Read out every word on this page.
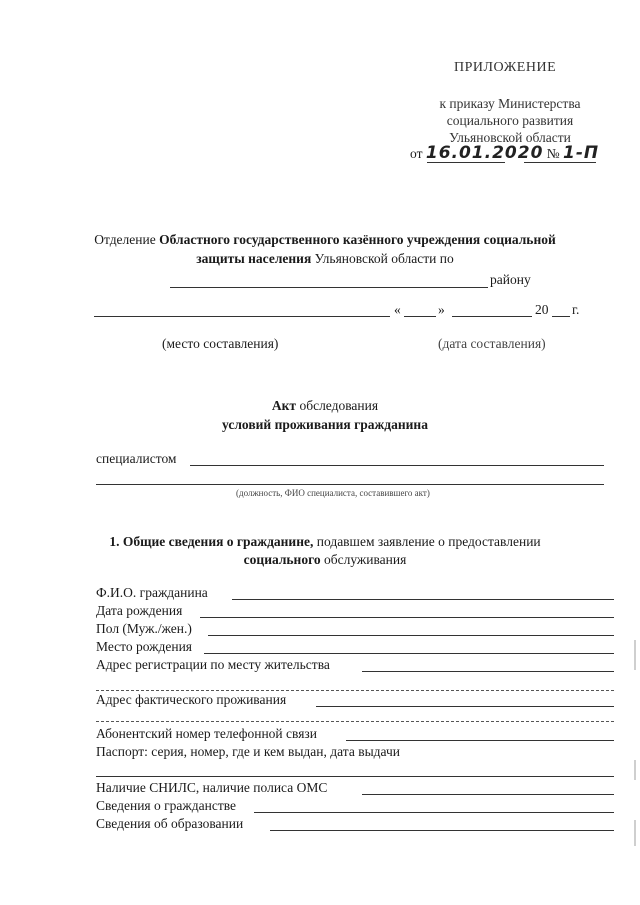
ПРИЛОЖЕНИЕ
к приказу Министерства
социального развития
Ульяновской области
от 16.01.2020 № 1-П
Отделение Областного государственного казённого учреждения социальной
защиты населения Ульяновской области по
району
«	»	20 г.
(место составления)	(дата составления)
Акт обследования
условий проживания гражданина
специалистом
(должность, ФИО специалиста, составившего акт)
1. Общие сведения о гражданине, подавшем заявление о предоставлении
социального обслуживания
Ф.И.О. гражданина
Дата рождения
Пол (Муж./жен.)
Место рождения
Адрес регистрации по месту жительства
Адрес фактического проживания
Абонентский номер телефонной связи
Паспорт: серия, номер, где и кем выдан, дата выдачи
Наличие СНИЛС, наличие полиса ОМС
Сведения о гражданстве
Сведения об образовании
